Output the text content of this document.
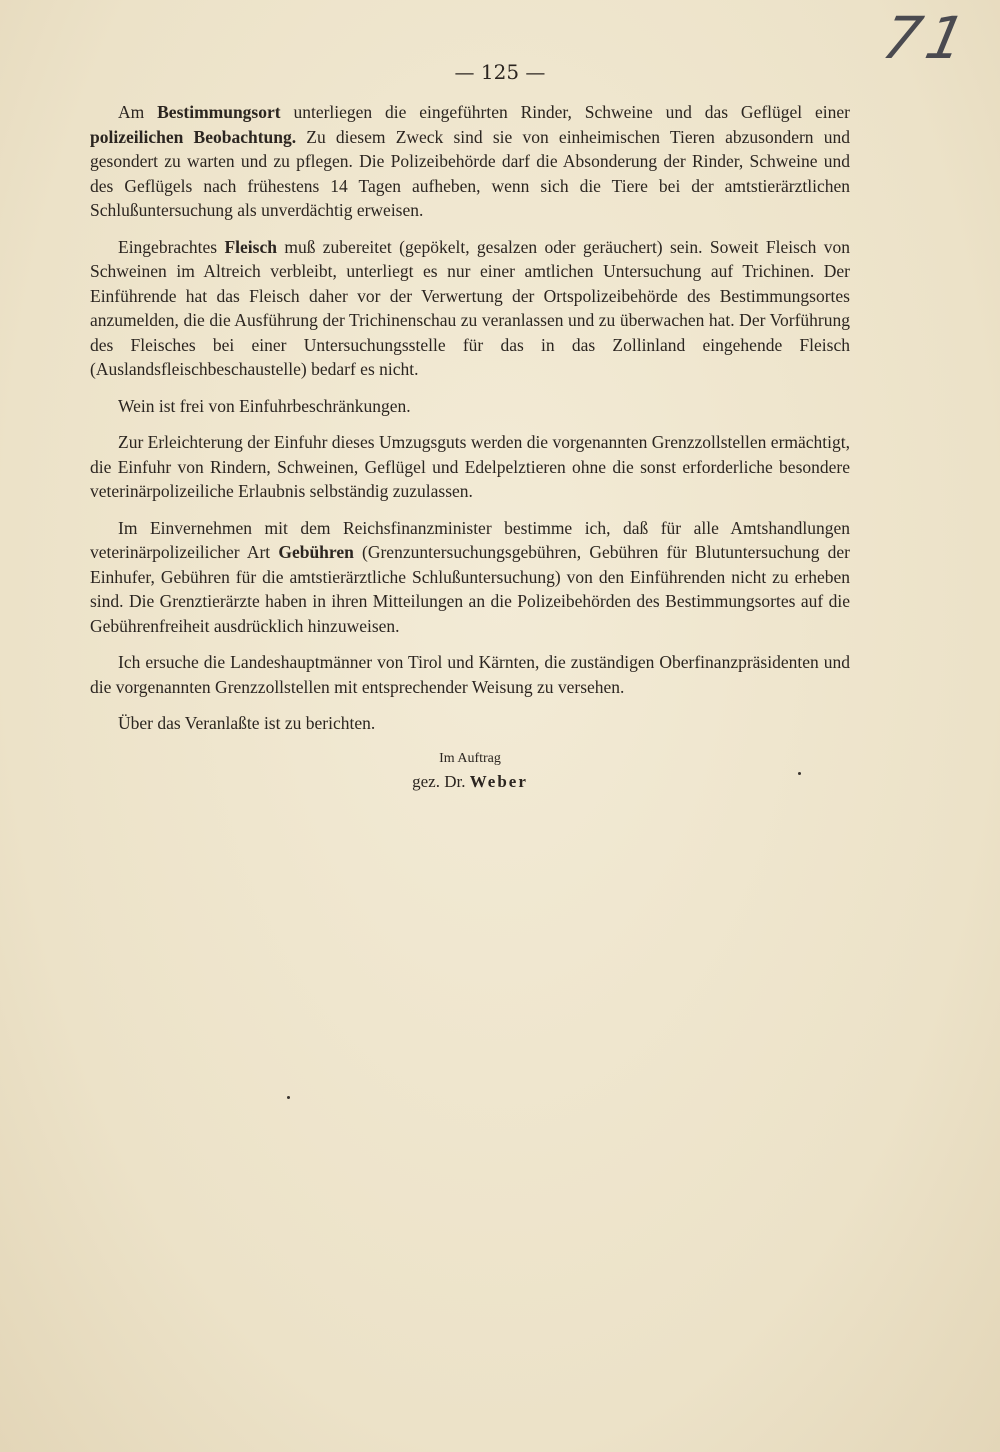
71
— 125 —

Am Bestimmungsort unterliegen die eingeführten Rinder, Schweine und das Geflügel einer polizeilichen Beobachtung. Zu diesem Zweck sind sie von einheimischen Tieren abzusondern und gesondert zu warten und zu pflegen. Die Polizeibehörde darf die Absonderung der Rinder, Schweine und des Geflügels nach frühestens 14 Tagen aufheben, wenn sich die Tiere bei der amtstierärztlichen Schlußuntersuchung als unverdächtig erweisen.

Eingebrachtes Fleisch muß zubereitet (gepökelt, gesalzen oder geräuchert) sein. Soweit Fleisch von Schweinen im Altreich verbleibt, unterliegt es nur einer amtlichen Untersuchung auf Trichinen. Der Einführende hat das Fleisch daher vor der Verwertung der Ortspolizeibehörde des Bestimmungsortes anzumelden, die die Ausführung der Trichinenschau zu veranlassen und zu überwachen hat. Der Vorführung des Fleisches bei einer Untersuchungsstelle für das in das Zollinland eingehende Fleisch (Auslandsfleischbeschaustelle) bedarf es nicht.

Wein ist frei von Einfuhrbeschränkungen.

Zur Erleichterung der Einfuhr dieses Umzugsguts werden die vorgenannten Grenzzollstellen ermächtigt, die Einfuhr von Rindern, Schweinen, Geflügel und Edelpelztieren ohne die sonst erforderliche besondere veterinärpolizeiliche Erlaubnis selbständig zuzulassen.

Im Einvernehmen mit dem Reichsfinanzminister bestimme ich, daß für alle Amtshandlungen veterinärpolizeilicher Art Gebühren (Grenzuntersuchungsgebühren, Gebühren für Blutuntersuchung der Einhufer, Gebühren für die amtstierärztliche Schlußuntersuchung) von den Einführenden nicht zu erheben sind. Die Grenztierärzte haben in ihren Mitteilungen an die Polizeibehörden des Bestimmungsortes auf die Gebührenfreiheit ausdrücklich hinzuweisen.

Ich ersuche die Landeshauptmänner von Tirol und Kärnten, die zuständigen Oberfinanzpräsidenten und die vorgenannten Grenzzollstellen mit entsprechender Weisung zu versehen.

Über das Veranlaßte ist zu berichten.

Im Auftrag
gez. Dr. Weber
